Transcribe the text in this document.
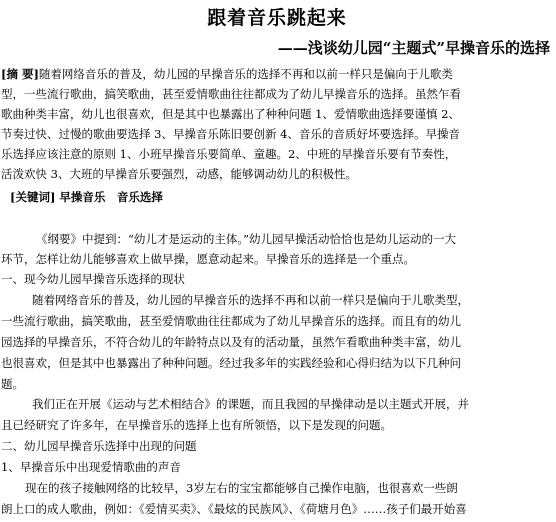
跟着音乐跳起来
——浅谈幼儿园“主题式”早操音乐的选择

[摘 要]随着网络音乐的普及，幼儿园的早操音乐的选择不再和以前一样只是偏向于儿歌类

型，一些流行歌曲，搞笑歌曲，甚至爱情歌曲往往都成为了幼儿早操音乐的选择。虽然乍看

歌曲种类丰富，幼儿也很喜欢，但是其中也暴露出了种种问题 1、爱情歌曲选择要谨慎 2、

节奏过快、过慢的歌曲要选择 3、早操音乐陈旧要创新 4、音乐的音质好坏要选择。早操音

乐选择应该注意的原则 1、小班早操音乐要简单、童趣。2、中班的早操音乐要有节奏性，

活泼欢快 3、大班的早操音乐要强烈，动感，能够调动幼儿的积极性。

[关键词] 早操音乐　音乐选择

《纲要》中提到：“幼儿才是运动的主体。”幼儿园早操活动恰恰也是幼儿运动的一大

环节，怎样让幼儿能够喜欢上做早操，愿意动起来。早操音乐的选择是一个重点。

一、现今幼儿园早操音乐选择的现状

随着网络音乐的普及，幼儿园的早操音乐的选择不再和以前一样只是偏向于儿歌类型，

一些流行歌曲，搞笑歌曲，甚至爱情歌曲往往都成为了幼儿早操音乐的选择。而且有的幼儿

园选择的早操音乐，不符合幼儿的年龄特点以及有的活动量，虽然乍看歌曲种类丰富，幼儿

也很喜欢，但是其中也暴露出了种种问题。经过我多年的实践经验和心得归结为以下几种问

题。

我们正在开展《运动与艺术相结合》的课题，而且我园的早操律动是以主题式开展，并

且已经研究了许多年，在早操音乐的选择上也有所领悟，以下是发现的问题。

二、幼儿园早操音乐选择中出现的问题

1、早操音乐中出现爱情歌曲的声音

现在的孩子接触网络的比较早，3岁左右的宝宝都能够自己操作电脑，也很喜欢一些朗

朗上口的成人歌曲，例如：《爱情买卖》、《最炫的民族风》、《荷塘月色》……孩子们最开始喜
